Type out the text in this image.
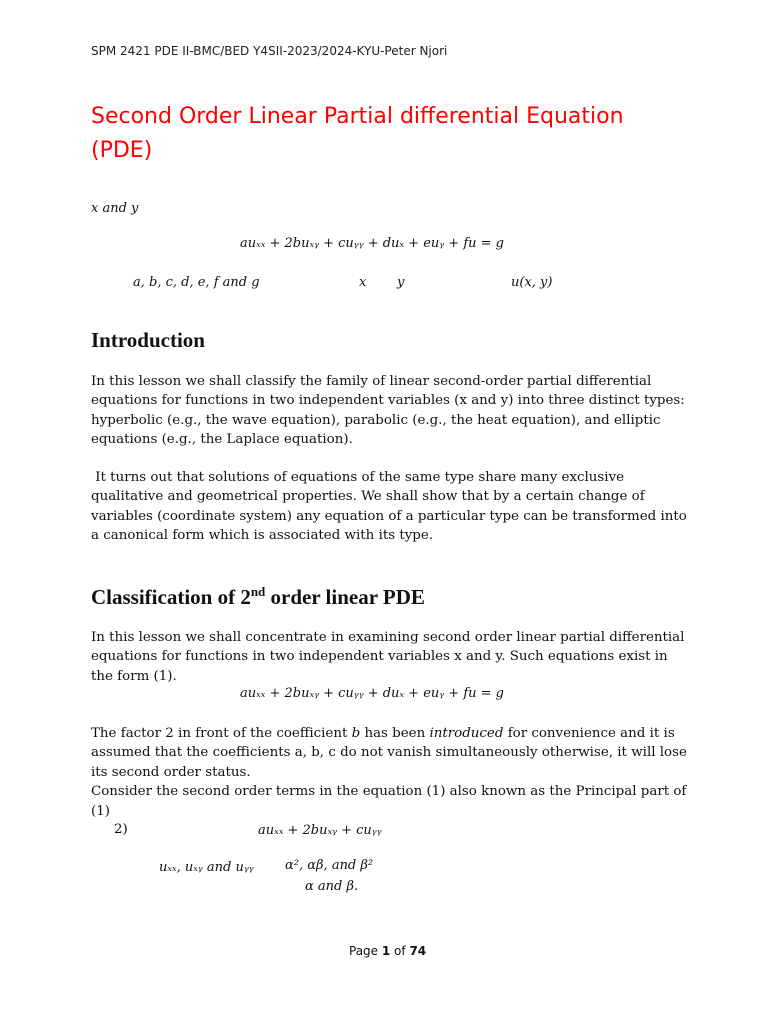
SPM 2421 PDE II-BMC/BED Y4SII-2023/2024-KYU-Peter Njori
Second Order Linear Partial differential Equation
(PDE)
x and y
auₓₓ + 2buₓᵧ + cuᵧᵧ + duₓ + euᵧ + fu = g
a, b, c, d, e, f and g	x y	u(x, y)
Introduction
In this lesson we shall classify the family of linear second-order partial differential
equations for functions in two independent variables (x and y) into three distinct types:
hyperbolic (e.g., the wave equation), parabolic (e.g., the heat equation), and elliptic
equations (e.g., the Laplace equation).
It turns out that solutions of equations of the same type share many exclusive
qualitative and geometrical properties. We shall show that by a certain change of
variables (coordinate system) any equation of a particular type can be transformed into
a canonical form which is associated with its type.
Classification of 2nd order linear PDE
In this lesson we shall concentrate in examining second order linear partial differential
equations for functions in two independent variables x and y. Such equations exist in
the form (1).
auₓₓ + 2buₓᵧ + cuᵧᵧ + duₓ + euᵧ + fu = g
The factor 2 in front of the coefficient b has been introduced for convenience and it is
assumed that the coefficients a, b, c do not vanish simultaneously otherwise, it will lose
its second order status.
Consider the second order terms in the equation (1) also known as the Principal part of
(1)
2)	auₓₓ + 2buₓᵧ + cuᵧᵧ
uₓₓ, uₓᵧ and uᵧᵧ α², αβ, and β²
α and β.
Page 1 of 74
